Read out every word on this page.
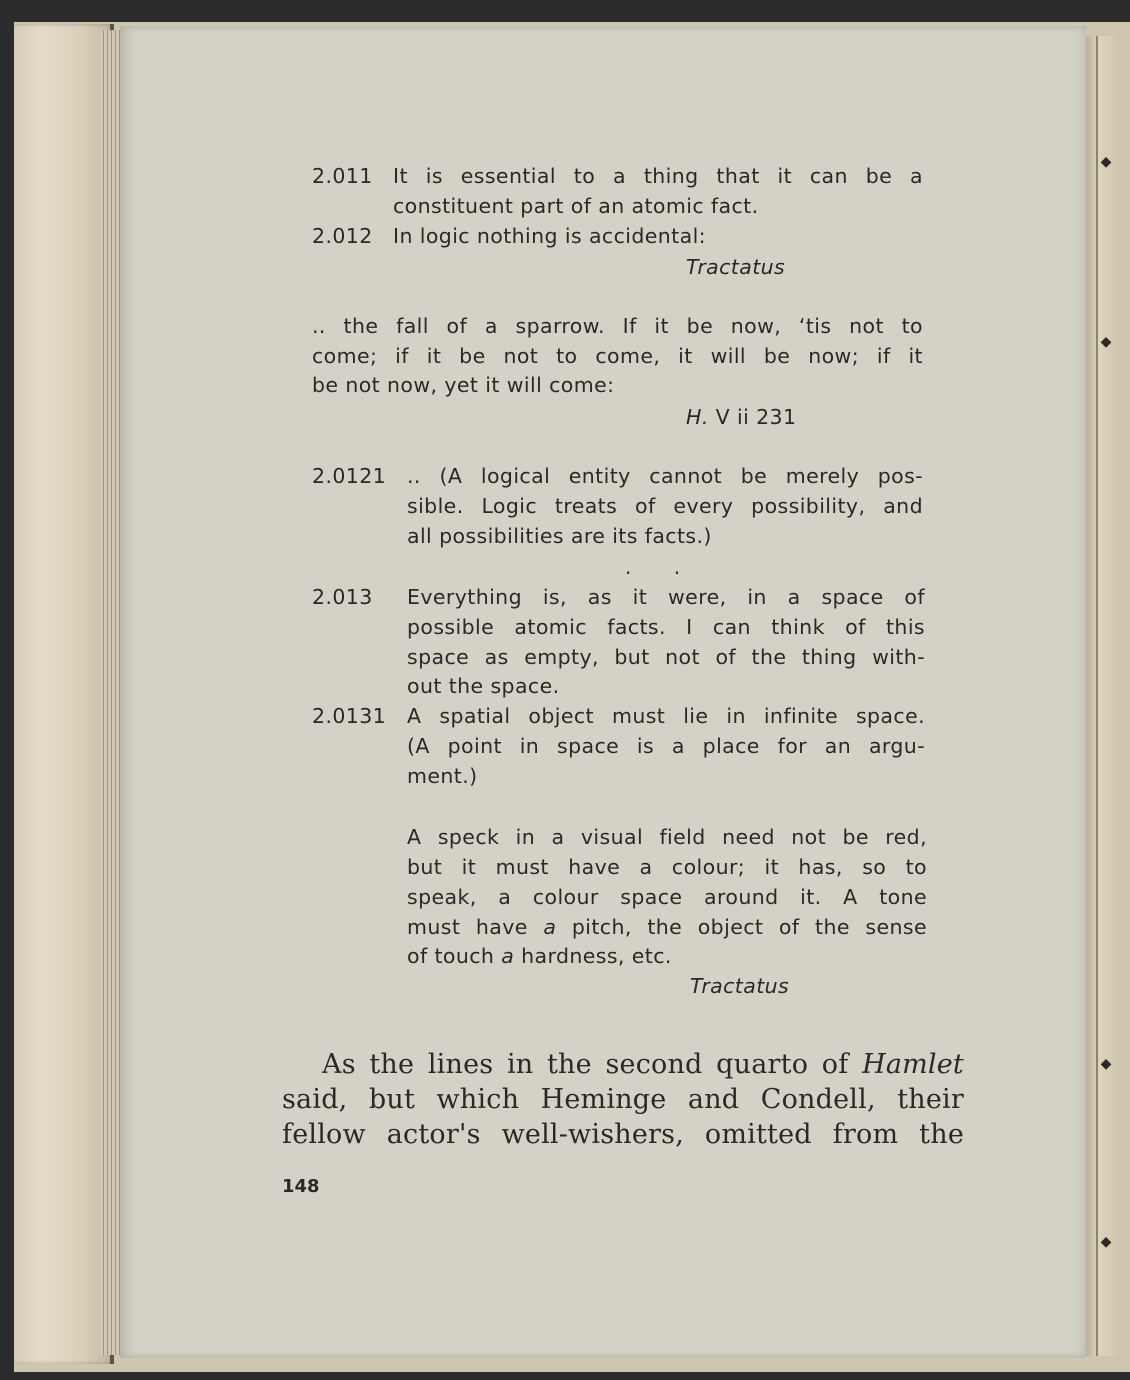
◆
◆
◆
◆
2.011 It is essential to a thing that it can be a
constituent part of an atomic fact.
2.012 In logic nothing is accidental:
Tractatus
.. the fall of a sparrow. If it be now, ‘tis not to
come; if it be not to come, it will be now; if it
be not now, yet it will come:
H. V ii 231
2.0121 .. (A logical entity cannot be merely pos-
sible. Logic treats of every possibility, and
all possibilities are its facts.)
. .
2.013 Everything is, as it were, in a space of
possible atomic facts. I can think of this
space as empty, but not of the thing with-
out the space.
2.0131 A spatial object must lie in infinite space.
(A point in space is a place for an argu-
ment.)
A speck in a visual field need not be red,
but it must have a colour; it has, so to
speak, a colour space around it. A tone
must have a pitch, the object of the sense
of touch a hardness, etc.
Tractatus
As the lines in the second quarto of Hamlet
said, but which Heminge and Condell, their
fellow actor's well-wishers, omitted from the
148
